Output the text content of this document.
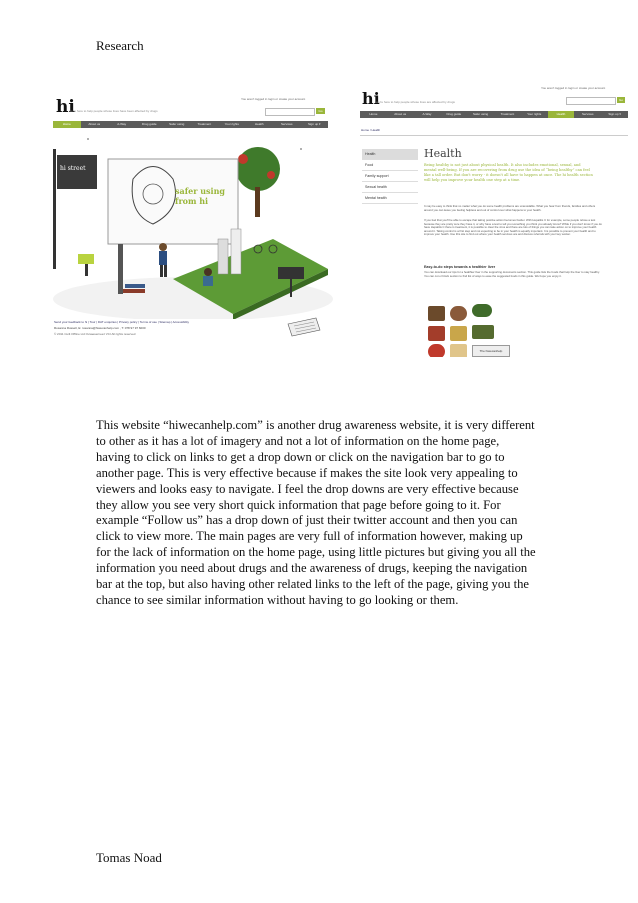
Research
hi
we're here to help people whose lives have been affected by drugs
You aren't logged in login or create your account
Go
Home	About us	A-Way	Drug guide	Safer using	Treatment	Your rights	Health	Services	Sign up ▾
hi street
safer using from hi
Send your feedback to hi | Tour | DAT enquiries | Privacy policy | Terms of use | Sitemap | Accessibility
Rosanna Russell, E: rosanna@hiwecanhelp.com , T: 078 97 97 6000
© 2011 Cuilt Offline Ltd Ovsaeserneez VCI All rights reserved
hi
we're here to help people whose lives are affected by drugs
You aren't logged in login or create your account
Go
Home	About us	A-Way	Drug guide	Safer using	Treatment	Your rights	Health	Services	Sign up ▾
Home / Health
Health
Food
Family support
Sexual health
Mental health
Health
Being healthy is not just about physical health. It also includes emotional, sexual, and mental well-being. If you are recovering from drug use the idea of “being healthy” can feel like a tall order. But don't worry - it doesn't all have to happen at once. The hi health section will help you improve your health one step at a time.
It may be easy to think that no matter what you do some health problems are unavoidable. What you hear from friends, families and others around you can leave you feeling helpless and out of control over what happens to your health.
If you feel that you'll be able to escape that taking positive action becomes harder. With Hepatitis C for example, some people refuse a test because they are pretty sure they have it, or why have a test to tell you something you think you already know? While if you don't know if you do have Hepatitis C there is treatment, it is possible to clear the virus and there are lots of things you can take action on to improve your health around it. Taking control is a first step and not expecting to be in your health is equally important. It is possible to prevent your health and to improve your health. Use this site to find out where your health services are and discuss referrals with your key worker.
Easy-to-do steps towards a healthier liver
You can download our tips for a healthier liver in the supporting documents section. This guide lists the foods that help the liver to stay healthy. You can cut or block section to find list of ways to ease the suggested foods in this guide. We hope you enjoy it.
The hiwecanhelp

This website “hiwecanhelp.com” is another drug awareness website, it is very different to other as it has a lot of imagery and not a lot of information on the home page, having to click on links to get a drop down or click on the navigation bar to go to another page. This is very effective because if makes the site look very appealing to viewers and looks easy to navigate. I feel the drop downs are very effective because they allow you see very short quick information that page before going to it. For example “Follow us” has a drop down of just their twitter account and then you can click to view more. The main pages are very full of information however, making up for the lack of information on the home page, using little pictures but giving you all the information you need about drugs and the awareness of drugs, keeping the navigation bar at the top, but also having other related links to the left of the page, giving you the chance to see similar information without having to go looking or them.

Tomas Noad
